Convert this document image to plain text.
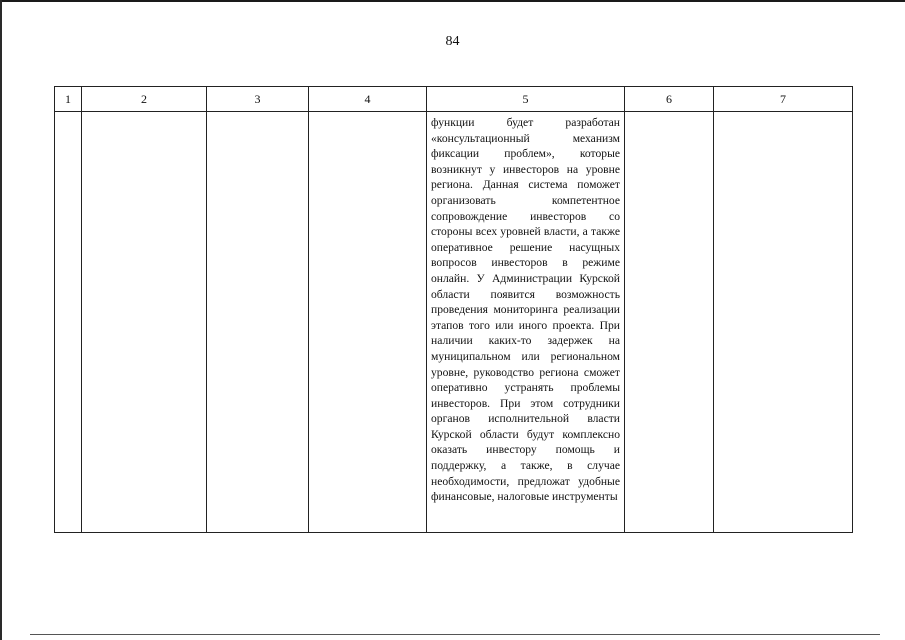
84
1	2	3	4	5	6	7

				функции будет разработан «консультационный механизм фиксации проблем», которые возникнут у инвесторов на уровне региона. Данная система поможет организовать компетентное сопровождение инвесторов со стороны всех уровней власти, а также оперативное решение насущных вопросов инвесторов в режиме онлайн. У Администрации Курской области появится возможность проведения мониторинга реализации этапов того или иного проекта. При наличии каких-то задержек на муниципальном или региональном уровне, руководство региона сможет оперативно устранять проблемы инвесторов. При этом сотрудники органов исполнительной власти Курской области будут комплексно оказать инвестору помощь и поддержку, а также, в случае необходимости, предложат удобные финансовые, налоговые инструменты		
